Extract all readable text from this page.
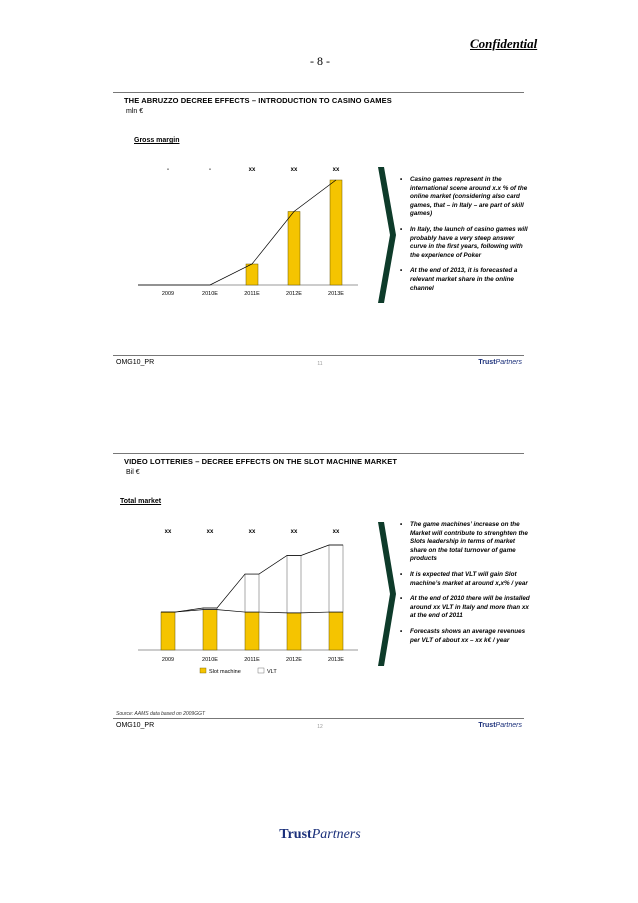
Confidential
- 8 -
THE ABRUZZO DECREE EFFECTS – INTRODUCTION TO CASINO GAMES
mln €
Gross margin
2009
-
2010E
-
2011E
xx
2012E
xx
2013E
xx
• Casino games represent in the international scene around x.x % of the online market (considering also card games, that – in Italy – are part of skill games)
• In Italy, the launch of casino games will probably have a very steep answer curve in the first years, following with the experience of Poker
• At the end of 2013, it is forecasted a relevant market share in the online channel
OMG10_PR	11	TrustPartners
VIDEO LOTTERIES – DECREE EFFECTS ON THE SLOT MACHINE MARKET
Bil €
Total market
2009
xx
2010E
xx
2011E
xx
2012E
xx
2013E
xx
Slot machine	VLT
• The game machines’ increase on the Market will contribute to strenghten the Slots leadership in terms of market share on the total turnover of game products
• It is expected that VLT will gain Slot machine’s market at around x,x% / year
• At the end of 2010 there will be installed around xx VLT in Italy and more than xx at the end of 2011
• Forecasts shows an average revenues per VLT of about xx – xx k€ / year
Source: AAMS data based on 2009GGT
OMG10_PR	12	TrustPartners
TrustPartners
